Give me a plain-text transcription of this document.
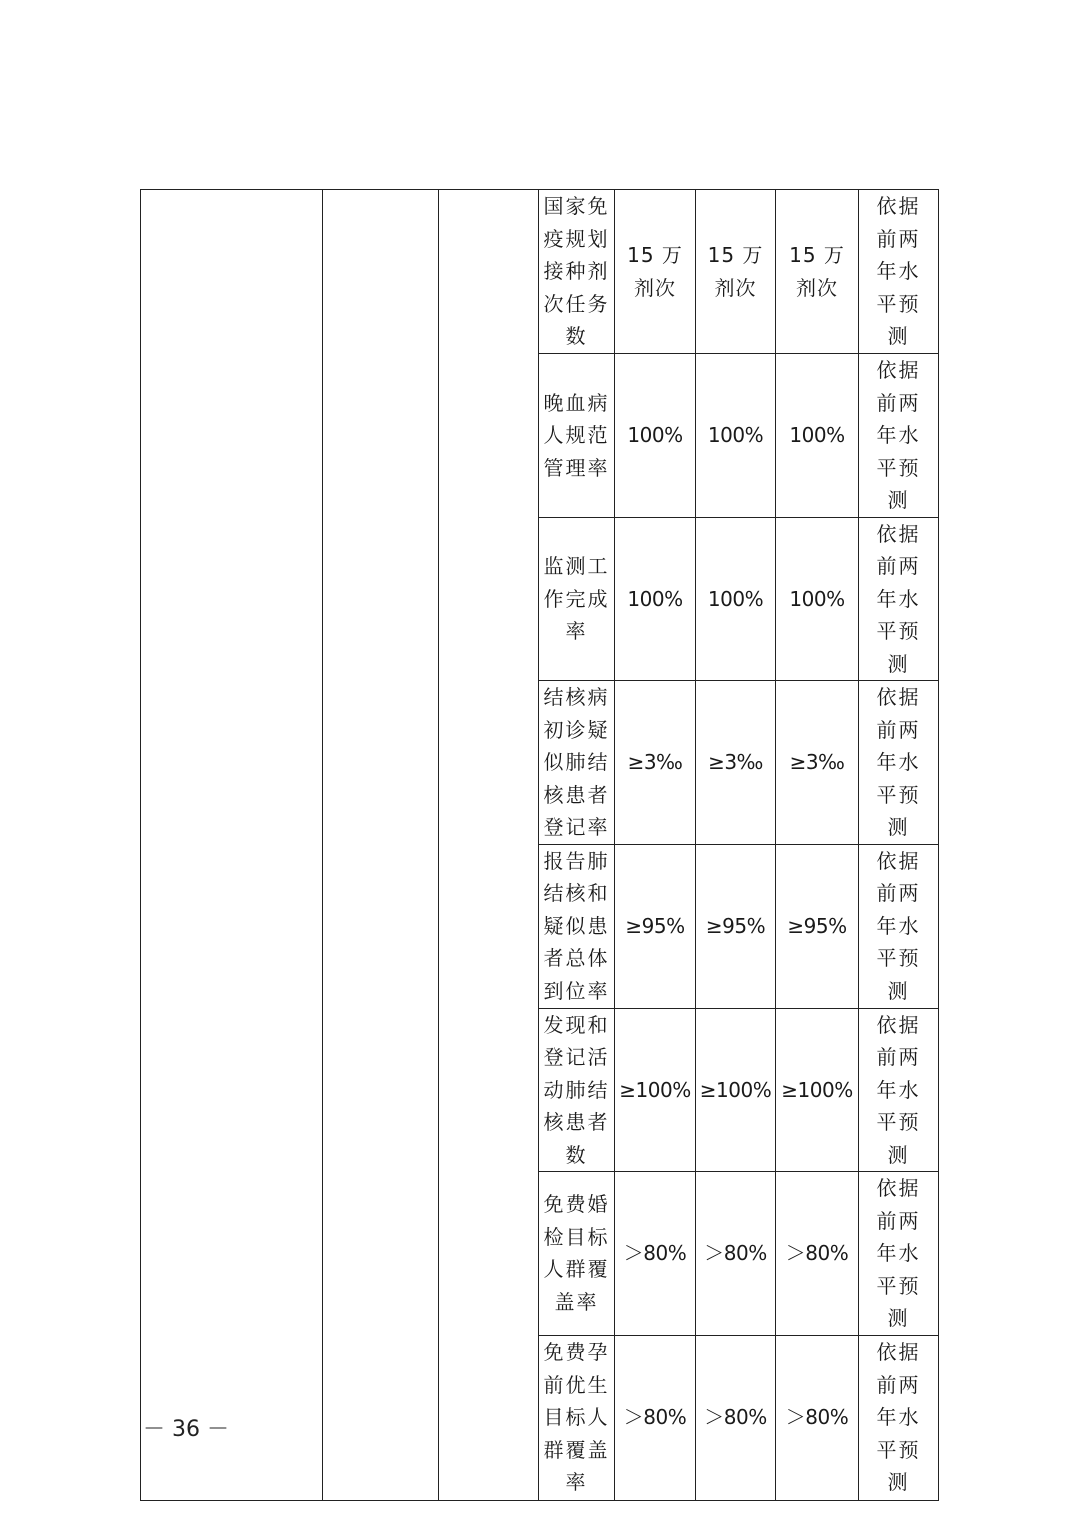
			国家免疫规划接种剂次任务数	15 万剂次	15 万剂次	15 万剂次	依据前两年水平预测
			晚血病人规范管理率	100%	100%	100%	依据前两年水平预测
			监测工作完成率	100%	100%	100%	依据前两年水平预测
			结核病初诊疑似肺结核患者登记率	≥3‰	≥3‰	≥3‰	依据前两年水平预测
			报告肺结核和疑似患者总体到位率	≥95%	≥95%	≥95%	依据前两年水平预测
			发现和登记活动肺结核患者数	≥100%	≥100%	≥100%	依据前两年水平预测
			免费婚检目标人群覆盖率	＞80%	＞80%	＞80%	依据前两年水平预测
			免费孕前优生目标人群覆盖率	＞80%	＞80%	＞80%	依据前两年水平预测
－ 36 －
